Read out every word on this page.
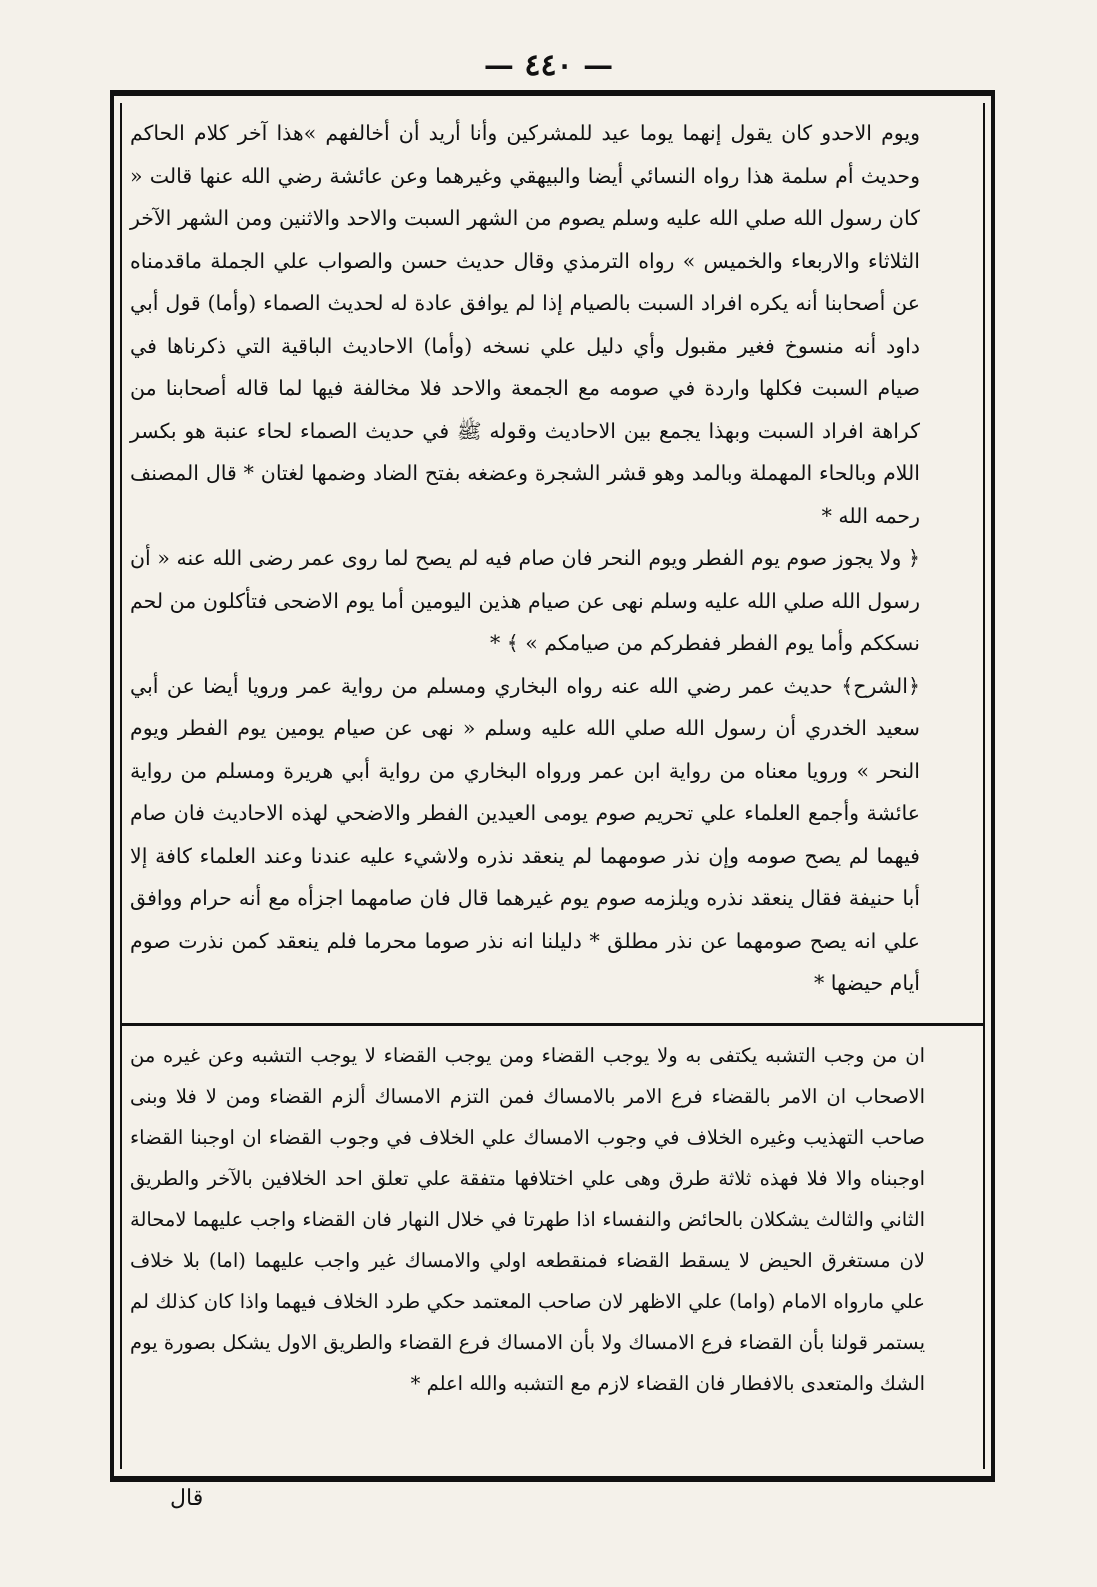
— ٤٤٠ —

ويوم الاحدو كان يقول إنهما يوما عيد للمشركين وأنا أريد أن أخالفهم »هذا آخر كلام الحاكم وحديث أم سلمة هذا رواه النسائي أيضا والبيهقي وغيرهما وعن عائشة رضي الله عنها قالت « كان رسول الله صلي الله عليه وسلم يصوم من الشهر السبت والاحد والاثنين ومن الشهر الآخر الثلاثاء والاربعاء والخميس » رواه الترمذي وقال حديث حسن والصواب علي الجملة ماقدمناه عن أصحابنا أنه يكره افراد السبت بالصيام إذا لم يوافق عادة له لحديث الصماء (وأما) قول أبي داود أنه منسوخ فغير مقبول وأي دليل علي نسخه (وأما) الاحاديث الباقية التي ذكرناها في صيام السبت فكلها واردة في صومه مع الجمعة والاحد فلا مخالفة فيها لما قاله أصحابنا من كراهة افراد السبت وبهذا يجمع بين الاحاديث وقوله ﷺ في حديث الصماء لحاء عنبة هو بكسر اللام وبالحاء المهملة وبالمد وهو قشر الشجرة وعضغه بفتح الضاد وضمها لغتان * قال المصنف رحمه الله *

﴿ ولا يجوز صوم يوم الفطر ويوم النحر فان صام فيه لم يصح لما روى عمر رضى الله عنه « أن رسول الله صلي الله عليه وسلم نهى عن صيام هذين اليومين أما يوم الاضحى فتأكلون من لحم نسككم وأما يوم الفطر ففطركم من صيامكم » ﴾ *

﴿الشرح﴾ حديث عمر رضي الله عنه رواه البخاري ومسلم من رواية عمر ورويا أيضا عن أبي سعيد الخدري أن رسول الله صلي الله عليه وسلم « نهى عن صيام يومين يوم الفطر ويوم النحر » ورويا معناه من رواية ابن عمر ورواه البخاري من رواية أبي هريرة ومسلم من رواية عائشة وأجمع العلماء علي تحريم صوم يومى العيدين الفطر والاضحي لهذه الاحاديث فان صام فيهما لم يصح صومه وإن نذر صومهما لم ينعقد نذره ولاشيء عليه عندنا وعند العلماء كافة إلا أبا حنيفة فقال ينعقد نذره ويلزمه صوم يوم غيرهما قال فان صامهما اجزأه مع أنه حرام ووافق علي انه يصح صومهما عن نذر مطلق * دليلنا انه نذر صوما محرما فلم ينعقد كمن نذرت صوم أيام حيضها *

ان من وجب التشبه يكتفى به ولا يوجب القضاء ومن يوجب القضاء لا يوجب التشبه وعن غيره من الاصحاب ان الامر بالقضاء فرع الامر بالامساك فمن التزم الامساك ألزم القضاء ومن لا فلا وبنى صاحب التهذيب وغيره الخلاف في وجوب الامساك علي الخلاف في وجوب القضاء ان اوجبنا القضاء اوجبناه والا فلا فهذه ثلاثة طرق وهى علي اختلافها متفقة علي تعلق احد الخلافين بالآخر والطريق الثاني والثالث يشكلان بالحائض والنفساء اذا طهرتا في خلال النهار فان القضاء واجب عليهما لامحالة لان مستغرق الحيض لا يسقط القضاء فمنقطعه اولي والامساك غير واجب عليهما (اما) بلا خلاف علي مارواه الامام (واما) علي الاظهر لان صاحب المعتمد حكي طرد الخلاف فيهما واذا كان كذلك لم يستمر قولنا بأن القضاء فرع الامساك ولا بأن الامساك فرع القضاء والطريق الاول يشكل بصورة يوم الشك والمتعدى بالافطار فان القضاء لازم مع التشبه والله اعلم *

قال
